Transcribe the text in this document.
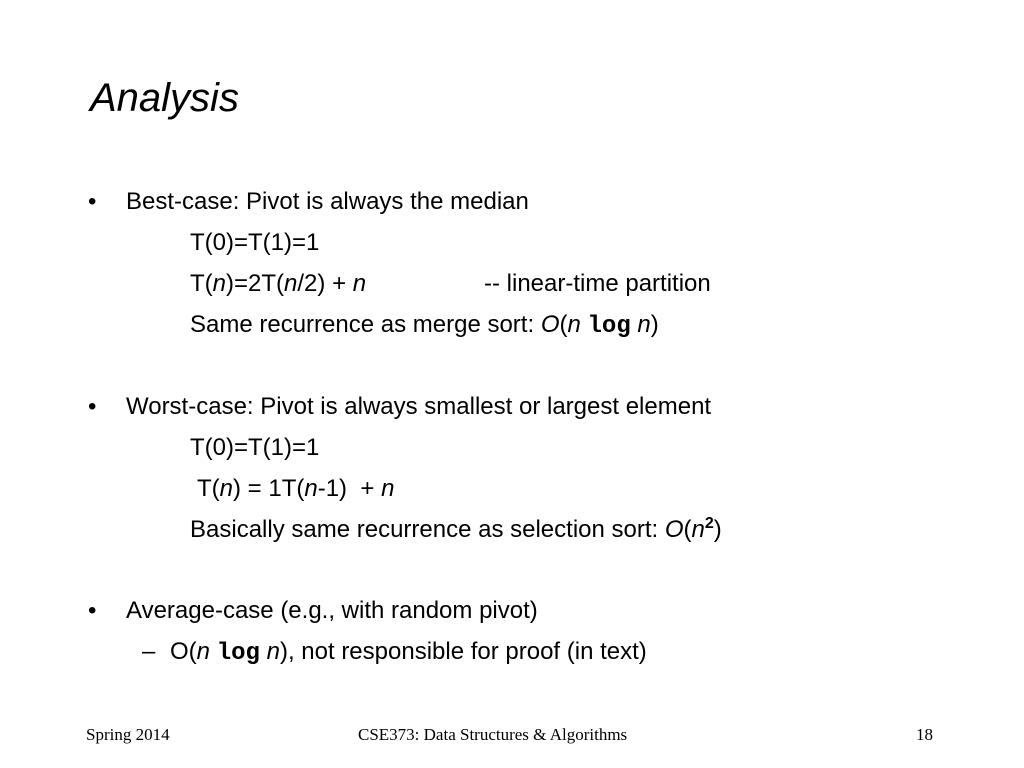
Analysis
• Best-case: Pivot is always the median
T(0)=T(1)=1
T(n)=2T(n/2) + n	-- linear-time partition
Same recurrence as merge sort: O(n log n)
• Worst-case: Pivot is always smallest or largest element
T(0)=T(1)=1
T(n) = 1T(n-1)  + n
Basically same recurrence as selection sort: $O(n^2)$
• Average-case (e.g., with random pivot)
– O(n log n), not responsible for proof (in text)
Spring 2014	CSE373: Data Structures & Algorithms	18
